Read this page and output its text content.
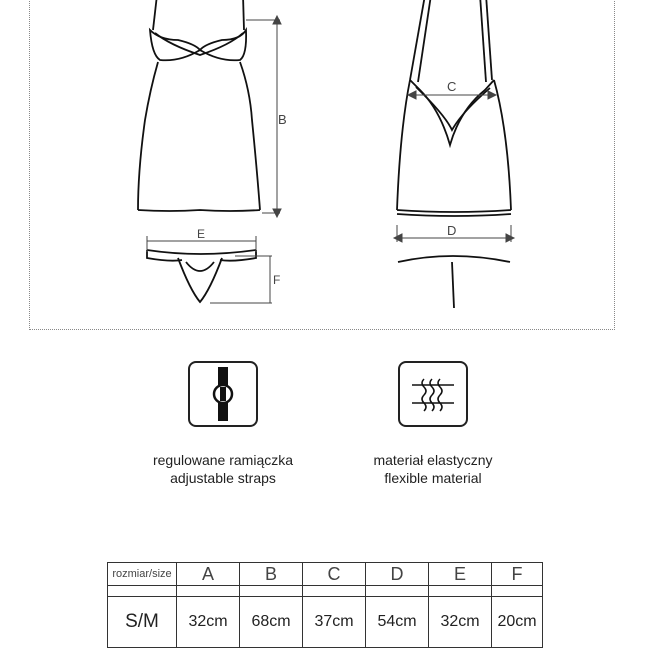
B
E
F
C
D
regulowane ramiączka
adjustable straps
materiał elastyczny
flexible material
rozmiar/size	A	B	C	D	E	F

S/M	32cm	68cm	37cm	54cm	32cm	20cm
